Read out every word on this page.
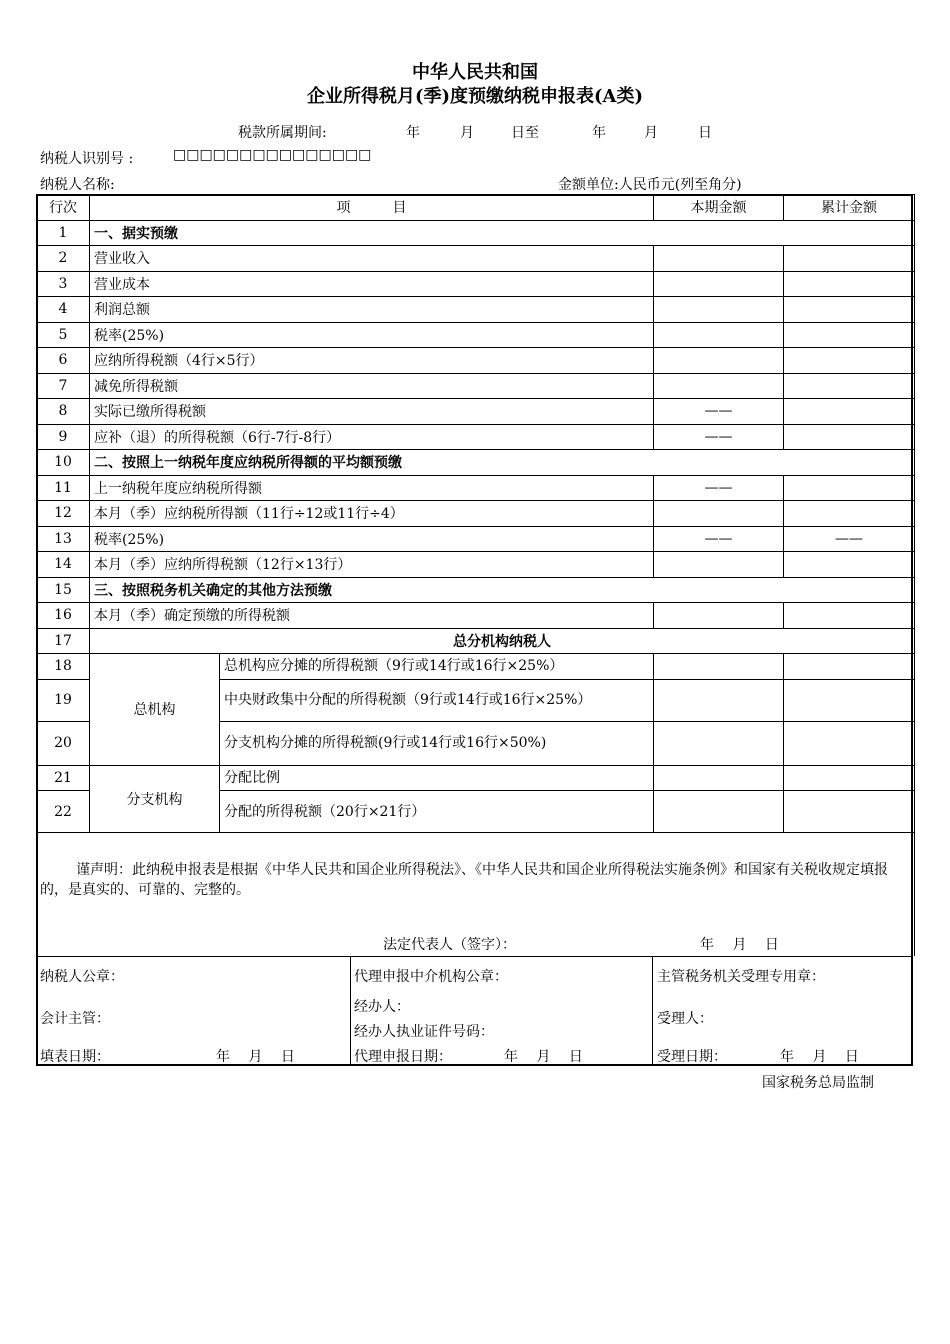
中华人民共和国
企业所得税月(季)度预缴纳税申报表(A类)
税款所属期间:	年	月	日至	年	月	日
纳税人识别号 :	□□□□□□□□□□□□□□□
纳税人名称:	金额单位:人民币元(列至角分)
行次	项　　　目		本期金额	累计金额
1	一、据实预缴			
2	营业收入			
3	营业成本			
4	利润总额			
5	税率(25%)			
6	应纳所得税额（4行×5行）			
7	减免所得税额			
8	实际已缴所得税额		——	
9	应补（退）的所得税额（6行-7行-8行）		——	
10	二、按照上一纳税年度应纳税所得额的平均额预缴			
11	上一纳税年度应纳税所得额		——	
12	本月（季）应纳税所得额（11行÷12或11行÷4）			
13	税率(25%)		——	——
14	本月（季）应纳所得税额（12行×13行）			
15	三、按照税务机关确定的其他方法预缴			
16	本月（季）确定预缴的所得税额			
17	总分机构纳税人			
18	总机构	总机构应分摊的所得税额（9行或14行或16行×25%）		
19		中央财政集中分配的所得税额（9行或14行或16行×25%）		
20		分支机构分摊的所得税额(9行或14行或16行×50%)		
21	分支机构	分配比例		
22		分配的所得税额（20行×21行）		

谨声明：此纳税申报表是根据《中华人民共和国企业所得税法》、《中华人民共和国企业所得税法实施条例》和国家有关税收规定填报的，是真实的、可靠的、完整的。
法定代表人（签字）：	年　 月　 日
纳税人公章：
会计主管：
填表日期：	年　 月　 日
代理申报中介机构公章：
经办人：
经办人执业证件号码：
代理申报日期：	年　 月　 日
主管税务机关受理专用章：
受理人：
受理日期：	年　 月　 日
国家税务总局监制
